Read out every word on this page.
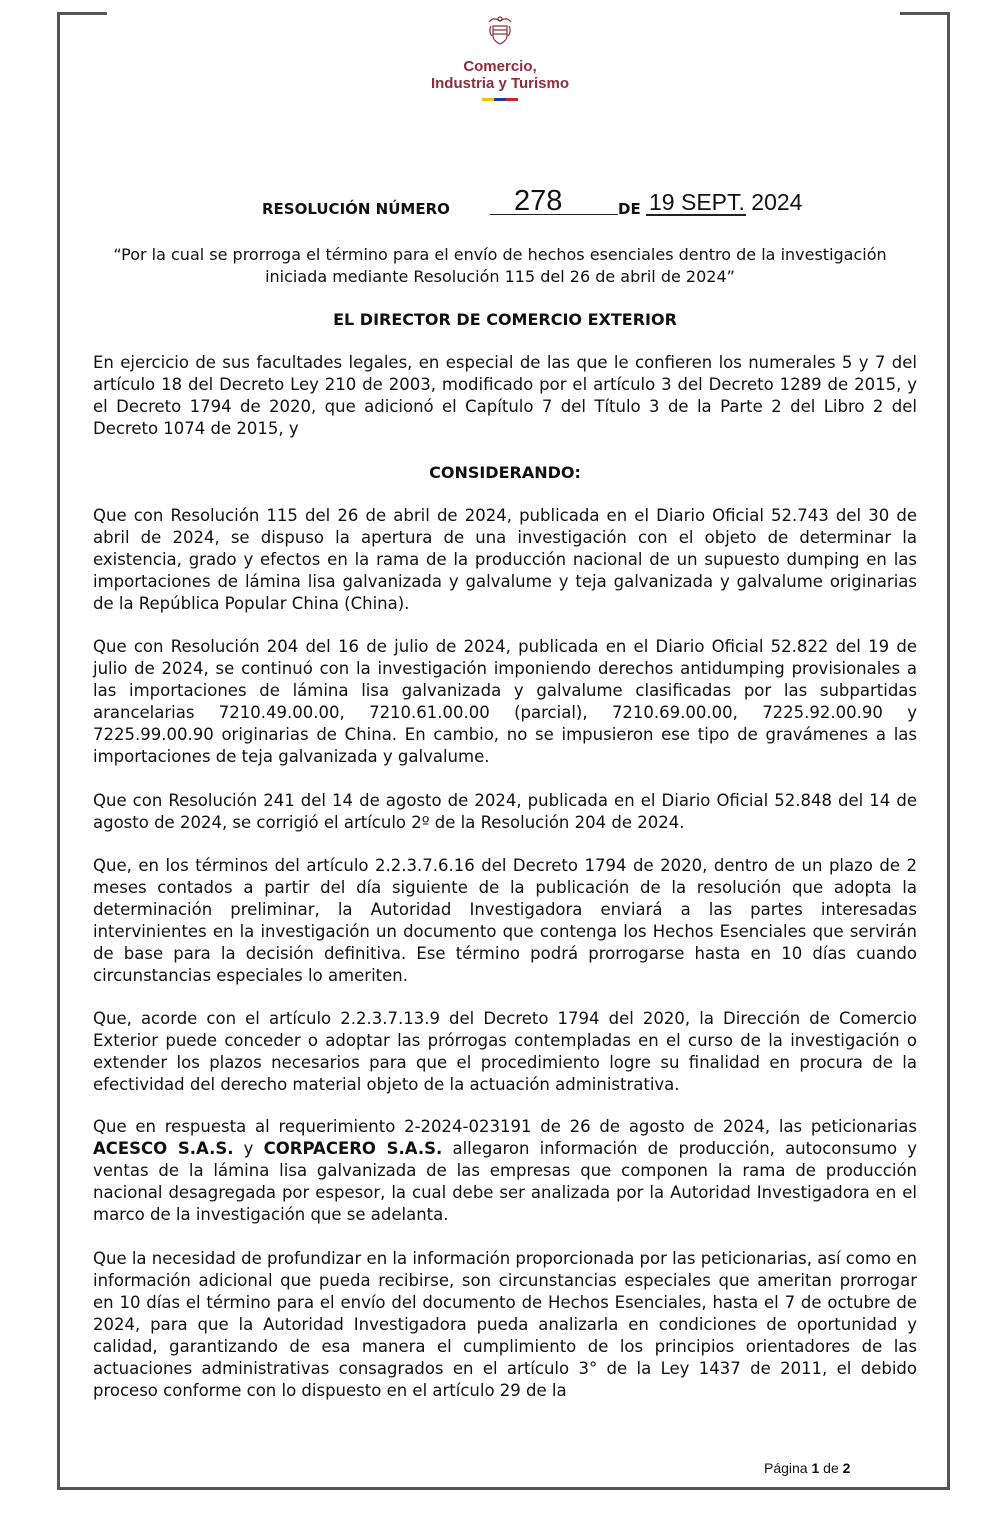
Comercio,
Industria y Turismo
RESOLUCIÓN NÚMERO	278	DE 19 SEPT. 2024
“Por la cual se prorroga el término para el envío de hechos esenciales dentro de la investigación iniciada mediante Resolución 115 del 26 de abril de 2024”
EL DIRECTOR DE COMERCIO EXTERIOR
En ejercicio de sus facultades legales, en especial de las que le confieren los numerales 5 y 7 del artículo 18 del Decreto Ley 210 de 2003, modificado por el artículo 3 del Decreto 1289 de 2015, y el Decreto 1794 de 2020, que adicionó el Capítulo 7 del Título 3 de la Parte 2 del Libro 2 del Decreto 1074 de 2015, y
CONSIDERANDO:
Que con Resolución 115 del 26 de abril de 2024, publicada en el Diario Oficial 52.743 del 30 de abril de 2024, se dispuso la apertura de una investigación con el objeto de determinar la existencia, grado y efectos en la rama de la producción nacional de un supuesto dumping en las importaciones de lámina lisa galvanizada y galvalume y teja galvanizada y galvalume originarias de la República Popular China (China).
Que con Resolución 204 del 16 de julio de 2024, publicada en el Diario Oficial 52.822 del 19 de julio de 2024, se continuó con la investigación imponiendo derechos antidumping provisionales a las importaciones de lámina lisa galvanizada y galvalume clasificadas por las subpartidas arancelarias 7210.49.00.00, 7210.61.00.00 (parcial), 7210.69.00.00, 7225.92.00.90 y 7225.99.00.90 originarias de China. En cambio, no se impusieron ese tipo de gravámenes a las importaciones de teja galvanizada y galvalume.
Que con Resolución 241 del 14 de agosto de 2024, publicada en el Diario Oficial 52.848 del 14 de agosto de 2024, se corrigió el artículo 2º de la Resolución 204 de 2024.
Que, en los términos del artículo 2.2.3.7.6.16 del Decreto 1794 de 2020, dentro de un plazo de 2 meses contados a partir del día siguiente de la publicación de la resolución que adopta la determinación preliminar, la Autoridad Investigadora enviará a las partes interesadas intervinientes en la investigación un documento que contenga los Hechos Esenciales que servirán de base para la decisión definitiva. Ese término podrá prorrogarse hasta en 10 días cuando circunstancias especiales lo ameriten.
Que, acorde con el artículo 2.2.3.7.13.9 del Decreto 1794 del 2020, la Dirección de Comercio Exterior puede conceder o adoptar las prórrogas contempladas en el curso de la investigación o extender los plazos necesarios para que el procedimiento logre su finalidad en procura de la efectividad del derecho material objeto de la actuación administrativa.
Que en respuesta al requerimiento 2-2024-023191 de 26 de agosto de 2024, las peticionarias ACESCO S.A.S. y CORPACERO S.A.S. allegaron información de producción, autoconsumo y ventas de la lámina lisa galvanizada de las empresas que componen la rama de producción nacional desagregada por espesor, la cual debe ser analizada por la Autoridad Investigadora en el marco de la investigación que se adelanta.
Que la necesidad de profundizar en la información proporcionada por las peticionarias, así como en información adicional que pueda recibirse, son circunstancias especiales que ameritan prorrogar en 10 días el término para el envío del documento de Hechos Esenciales, hasta el 7 de octubre de 2024, para que la Autoridad Investigadora pueda analizarla en condiciones de oportunidad y calidad, garantizando de esa manera el cumplimiento de los principios orientadores de las actuaciones administrativas consagrados en el artículo 3° de la Ley 1437 de 2011, el debido proceso conforme con lo dispuesto en el artículo 29 de la
Página 1 de 2
